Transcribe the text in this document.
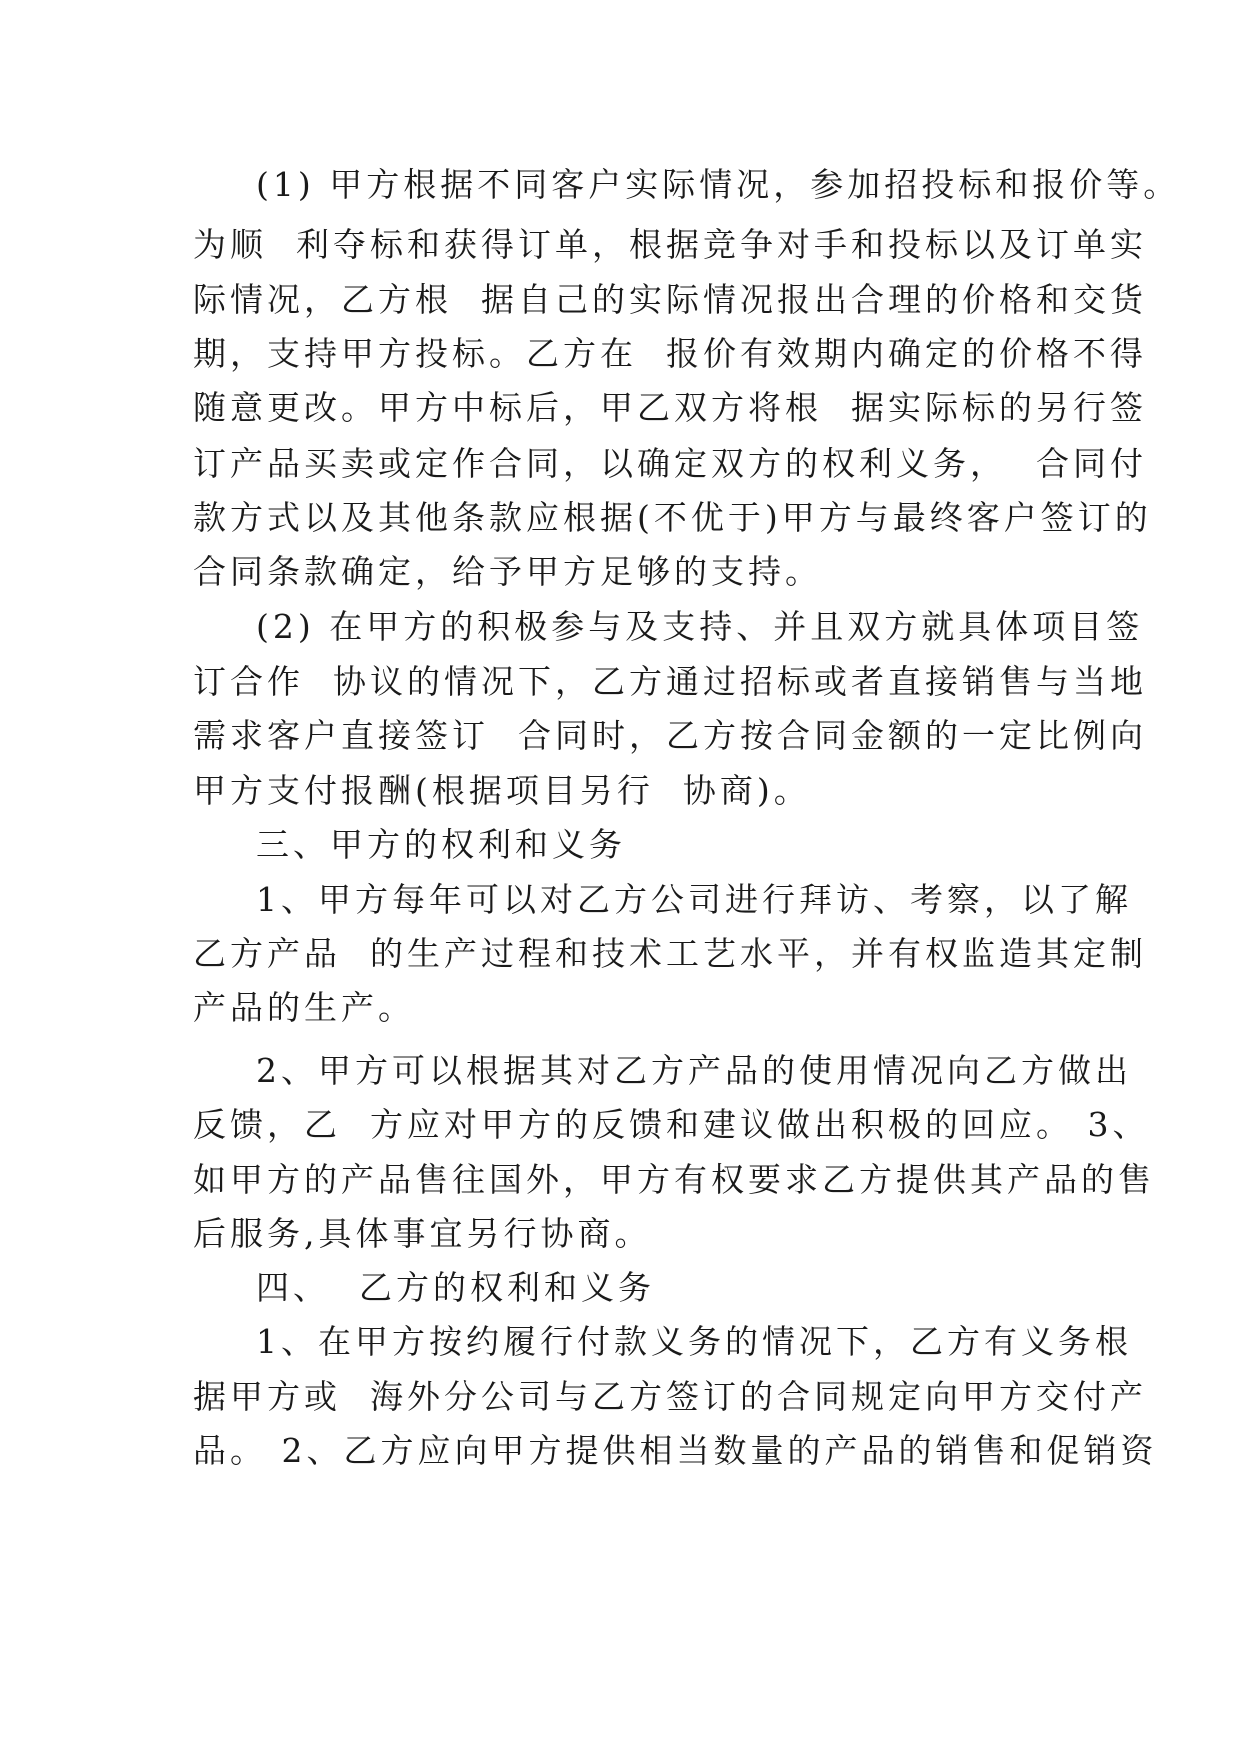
(1) 甲方根据不同客户实际情况，参加招投标和报价等。
为顺  利夺标和获得订单，根据竞争对手和投标以及订单实
际情况，乙方根  据自己的实际情况报出合理的价格和交货
期，支持甲方投标。乙方在  报价有效期内确定的价格不得
随意更改。甲方中标后，甲乙双方将根  据实际标的另行签
订产品买卖或定作合同，以确定双方的权利义务，  合同付
款方式以及其他条款应根据(不优于)甲方与最终客户签订的
合同条款确定，给予甲方足够的支持。
(2) 在甲方的积极参与及支持、并且双方就具体项目签
订合作  协议的情况下，乙方通过招标或者直接销售与当地
需求客户直接签订  合同时，乙方按合同金额的一定比例向
甲方支付报酬(根据项目另行  协商)。
三、甲方的权利和义务
1、甲方每年可以对乙方公司进行拜访、考察，以了解
乙方产品  的生产过程和技术工艺水平，并有权监造其定制
产品的生产。
2、甲方可以根据其对乙方产品的使用情况向乙方做出
反馈，乙  方应对甲方的反馈和建议做出积极的回应。 3、
如甲方的产品售往国外，甲方有权要求乙方提供其产品的售
后服务,具体事宜另行协商。
四、  乙方的权利和义务
1、在甲方按约履行付款义务的情况下，乙方有义务根
据甲方或  海外分公司与乙方签订的合同规定向甲方交付产
品。 2、乙方应向甲方提供相当数量的产品的销售和促销资
